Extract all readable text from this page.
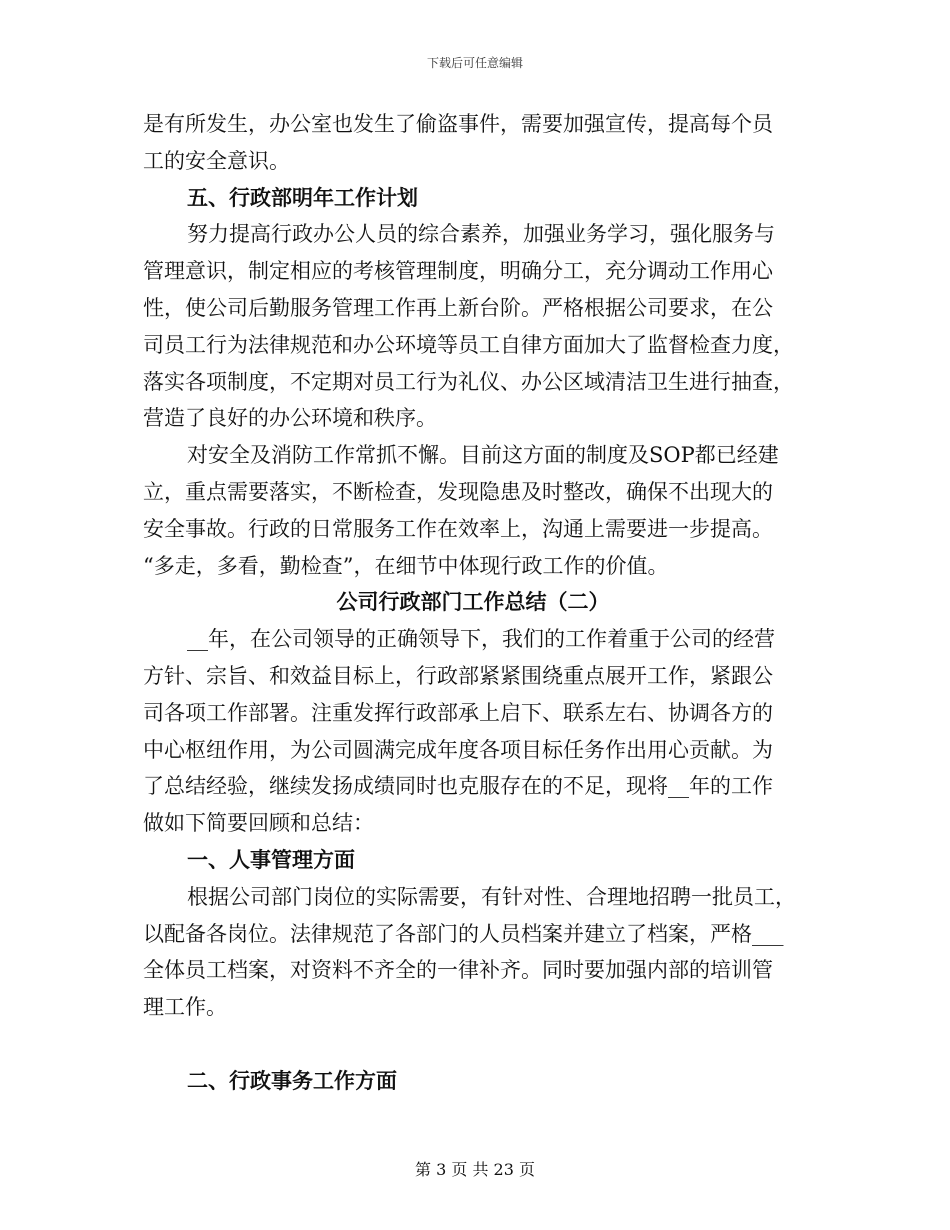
下载后可任意编辑
是有所发生，办公室也发生了偷盗事件，需要加强宣传，提高每个员
工的安全意识。
五、行政部明年工作计划
努力提高行政办公人员的综合素养，加强业务学习，强化服务与
管理意识，制定相应的考核管理制度，明确分工，充分调动工作用心
性，使公司后勤服务管理工作再上新台阶。严格根据公司要求，在公
司员工行为法律规范和办公环境等员工自律方面加大了监督检查力度，
落实各项制度，不定期对员工行为礼仪、办公区域清洁卫生进行抽查，
营造了良好的办公环境和秩序。
对安全及消防工作常抓不懈。目前这方面的制度及SOP都已经建
立，重点需要落实，不断检查，发现隐患及时整改，确保不出现大的
安全事故。行政的日常服务工作在效率上，沟通上需要进一步提高。
“多走，多看，勤检查”，在细节中体现行政工作的价值。
公司行政部门工作总结（二）
__年，在公司领导的正确领导下，我们的工作着重于公司的经营
方针、宗旨、和效益目标上，行政部紧紧围绕重点展开工作，紧跟公
司各项工作部署。注重发挥行政部承上启下、联系左右、协调各方的
中心枢纽作用，为公司圆满完成年度各项目标任务作出用心贡献。为
了总结经验，继续发扬成绩同时也克服存在的不足，现将__年的工作
做如下简要回顾和总结：
一、人事管理方面
根据公司部门岗位的实际需要，有针对性、合理地招聘一批员工，
以配备各岗位。法律规范了各部门的人员档案并建立了档案，严格___
全体员工档案，对资料不齐全的一律补齐。同时要加强内部的培训管
理工作。
二、行政事务工作方面
第 3 页 共 23 页
